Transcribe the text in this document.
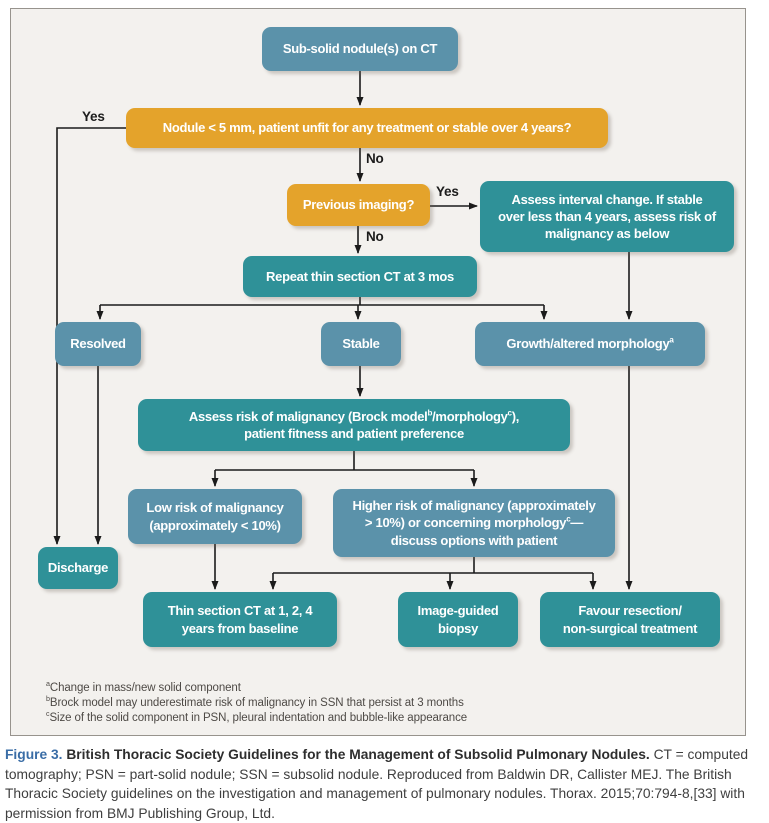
Sub-solid nodule(s) on CT
Nodule < 5 mm, patient unfit for any treatment or stable over 4 years?
Previous imaging?	Assess interval change. If stable
over less than 4 years, assess risk of
malignancy as below
Repeat thin section CT at 3 mos
Resolved	Stable	Growth/altered morphology$^a$
Assess risk of malignancy (Brock model$^b$/morphology$^c$),
patient fitness and patient preference
Low risk of malignancy
(approximately < 10%)
Higher risk of malignancy (approximately
> 10%) or concerning morphology$^c$—
discuss options with patient
Discharge
Thin section CT at 1, 2, 4
years from baseline
Image-guided
biopsy
Favour resection/
non-surgical treatment
Yes
No
Yes
No
$^a$Change in mass/new solid component
$^b$Brock model may underestimate risk of malignancy in SSN that persist at 3 months
$^c$Size of the solid component in PSN, pleural indentation and bubble-like appearance
Figure 3. British Thoracic Society Guidelines for the Management of Subsolid Pulmonary Nodules. CT = computed tomography; PSN = part-solid nodule; SSN = subsolid nodule. Reproduced from Baldwin DR, Callister MEJ. The British Thoracic Society guidelines on the investigation and management of pulmonary nodules. Thorax. 2015;70:794-8,[33] with permission from BMJ Publishing Group, Ltd.
